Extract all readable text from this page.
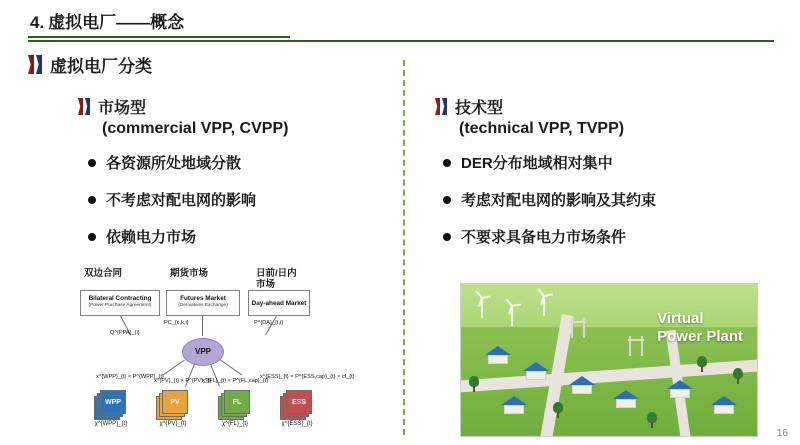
4. 虚拟电厂——概念
虚拟电厂分类
市场型
(commercial VPP, CVPP)
各资源所处地域分散
不考虑对配电网的影响
依赖电力市场
技术型
(technical VPP, TVPP)
DER分布地域相对集中
考虑对配电网的影响及其约束
不要求具备电力市场条件
双边合同	期货市场	日前/日内市场
Bilateral Contracting
(Power Purchase Agreement)
Futures Market
(Derivatives Exchange)	Day-ahead Market
PC_{c,k,i}	P^{DA}_{t,i}
Q^{PPA}_{i}
VPP
x^{WPP}_{t} × P^{WPP}_{t}
x^{PV}_{t} × P^{PV}_{t}
x^{FL}_{t} × P^{FL,cap}_{t}
x^{ESS}_{t} × P^{ESS,cap}_{t} × cf_{t}
WPP
χ^{WPP}_{t}
PV
χ^{PV}_{t}
FL
χ^{FL}_{t}
ESS
χ^{ESS}_{t}
Virtual
Power Plant
16
